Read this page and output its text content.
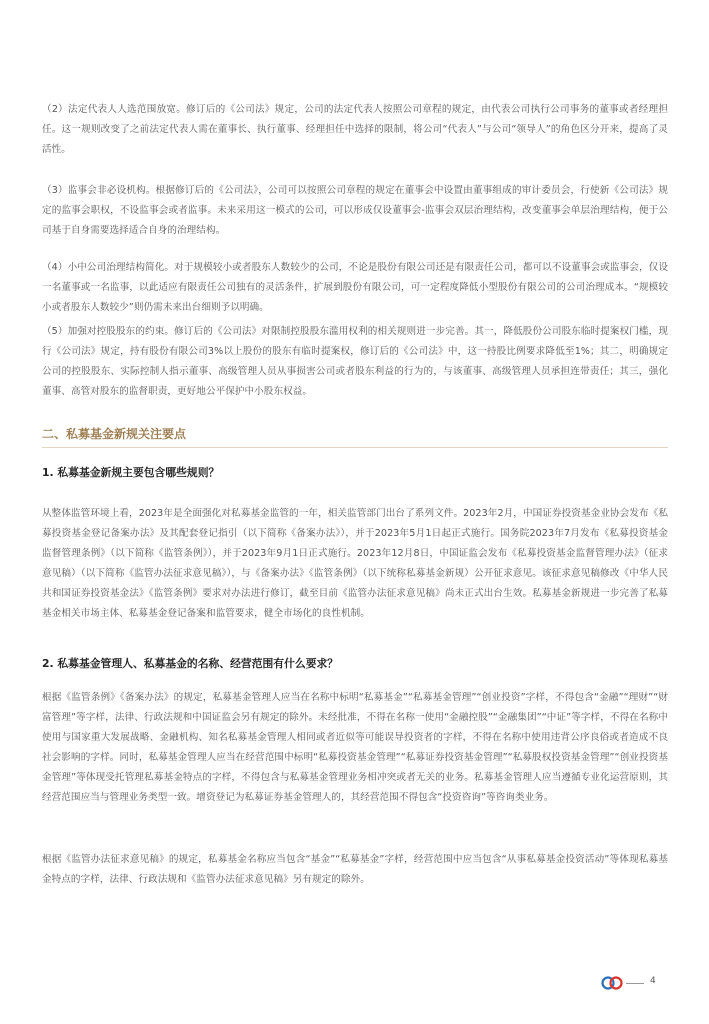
（2）法定代表人人选范围放宽。修订后的《公司法》规定，公司的法定代表人按照公司章程的规定，由代表公司执行公司事务的董事或者经理担任。这一规则改变了之前法定代表人需在董事长、执行董事、经理担任中选择的限制，将公司“代表人”与公司“领导人”的角色区分开来，提高了灵活性。

（3）监事会非必设机构。根据修订后的《公司法》，公司可以按照公司章程的规定在董事会中设置由董事组成的审计委员会，行使新《公司法》规定的监事会职权，不设监事会或者监事。未来采用这一模式的公司，可以形成仅设董事会-监事会双层治理结构，改变董事会单层治理结构，便于公司基于自身需要选择适合自身的治理结构。

（4）小中公司治理结构简化。对于规模较小或者股东人数较少的公司，不论是股份有限公司还是有限责任公司，都可以不设董事会或监事会，仅设一名董事或一名监事，以此适应有限责任公司独有的灵活条件，扩展到股份有限公司，可一定程度降低小型股份有限公司的公司治理成本。“规模较小或者股东人数较少”则仍需未来出台细则予以明确。

（5）加强对控股股东的约束。修订后的《公司法》对限制控股股东滥用权利的相关规则进一步完善。其一，降低股份公司股东临时提案权门槛，现行《公司法》规定，持有股份有限公司3%以上股份的股东有临时提案权，修订后的《公司法》中，这一持股比例要求降低至1%；其二，明确规定公司的控股股东、实际控制人指示董事、高级管理人员从事损害公司或者股东利益的行为的，与该董事、高级管理人员承担连带责任；其三，强化董事、高管对股东的监督职责，更好地公平保护中小股东权益。

二、私募基金新规关注要点
1. 私募基金新规主要包含哪些规则？

从整体监管环境上看，2023年是全面强化对私募基金监管的一年，相关监管部门出台了系列文件。2023年2月，中国证券投资基金业协会发布《私募投资基金登记备案办法》及其配套登记指引（以下简称《备案办法》），并于2023年5月1日起正式施行。国务院2023年7月发布《私募投资基金监督管理条例》（以下简称《监管条例》），并于2023年9月1日正式施行。2023年12月8日，中国证监会发布《私募投资基金监督管理办法》（征求意见稿）（以下简称《监管办法征求意见稿》），与《备案办法》《监管条例》（以下统称私募基金新规）公开征求意见。该征求意见稿修改《中华人民共和国证券投资基金法》《监管条例》要求对办法进行修订，截至目前《监管办法征求意见稿》尚未正式出台生效。私募基金新规进一步完善了私募基金相关市场主体、私募基金登记备案和监管要求，健全市场化的良性机制。

2. 私募基金管理人、私募基金的名称、经营范围有什么要求？

根据《监管条例》《备案办法》的规定，私募基金管理人应当在名称中标明“私募基金”“私募基金管理”“创业投资”字样，不得包含“金融”“理财”“财富管理”等字样，法律、行政法规和中国证监会另有规定的除外。未经批准，不得在名称一使用“金融控股”“金融集团”“中证”等字样，不得在名称中使用与国家重大发展战略、金融机构、知名私募基金管理人相同或者近似等可能误导投资者的字样，不得在名称中使用违背公序良俗或者造成不良社会影响的字样。同时，私募基金管理人应当在经营范围中标明“私募投资基金管理”“私募证券投资基金管理”“私募股权投资基金管理”“创业投资基金管理”等体现受托管理私募基金特点的字样，不得包含与私募基金管理业务相冲突或者无关的业务。私募基金管理人应当遵循专业化运营原则，其经营范围应当与管理业务类型一致。增资登记为私募证券基金管理人的，其经营范围不得包含“投资咨询”等咨询类业务。

根据《监管办法征求意见稿》的规定，私募基金名称应当包含“基金”“私募基金”字样，经营范围中应当包含“从事私募基金投资活动”等体现私募基金特点的字样，法律、行政法规和《监管办法征求意见稿》另有规定的除外。

4
